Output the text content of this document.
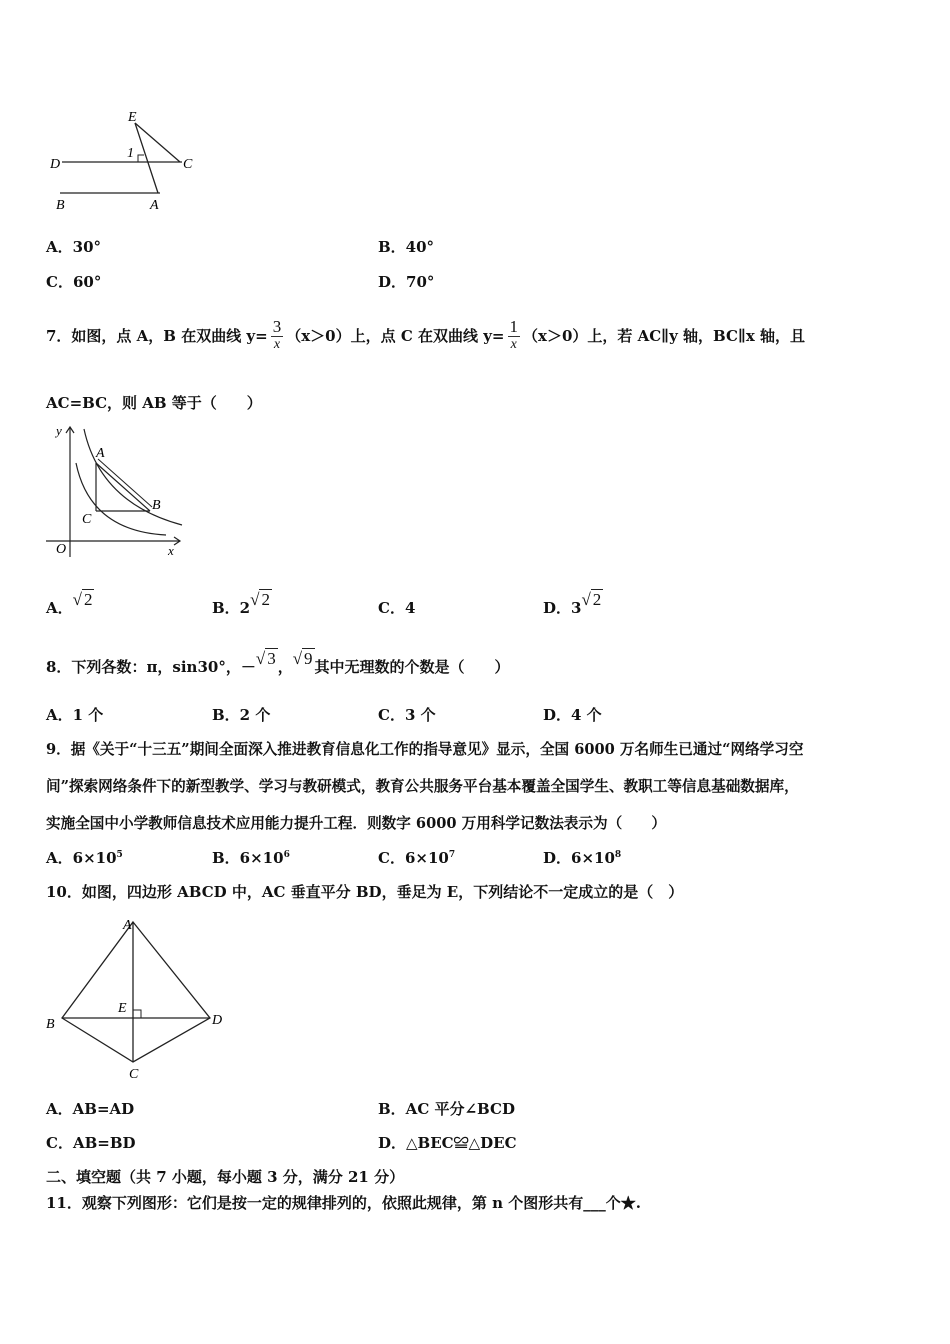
E
1
D	C
B	A
A．30°	B．40°
C．60°	D．70°
7．如图，点 A，B 在双曲线 $y= \frac{3}{x} (x>0)$上，点 C 在双曲线 $y= \frac{1}{x} (x>0)$上，若 AC∥y 轴，BC∥x 轴，且
AC=BC，则 AB 等于（　　）
y
x
O
A
B
C
A．√ 2	B．2√ 2	C．4	D．3√ 2
8．下列各数：π，sin30°，－√ 3 ，√ 9 其中无理数的个数是（　　）
A．1 个	B．2 个	C．3 个	D．4 个
9．据《关于“十三五”期间全面深入推进教育信息化工作的指导意见》显示，全国 6000 万名师生已通过“网络学习空
间”探索网络条件下的新型教学、学习与教研模式，教育公共服务平台基本覆盖全国学生、教职工等信息基础数据库，
实施全国中小学教师信息技术应用能力提升工程．则数字 6000 万用科学记数法表示为（　　）
A．$6\times 10^5$	B．$6\times 10^6$	C．$6\times 10^7$	D．$6\times 10^8$
10．如图，四边形 ABCD 中，AC 垂直平分 BD，垂足为 E，下列结论不一定成立的是（　）
A
B
C
D
E
A．AB=AD	B．AC 平分∠BCD
C．AB=BD	D．△BEC≌△DEC
二、填空题（共 7 小题，每小题 3 分，满分 21 分）
11．观察下列图形：它们是按一定的规律排列的，依照此规律，第 n 个图形共有___个★.
